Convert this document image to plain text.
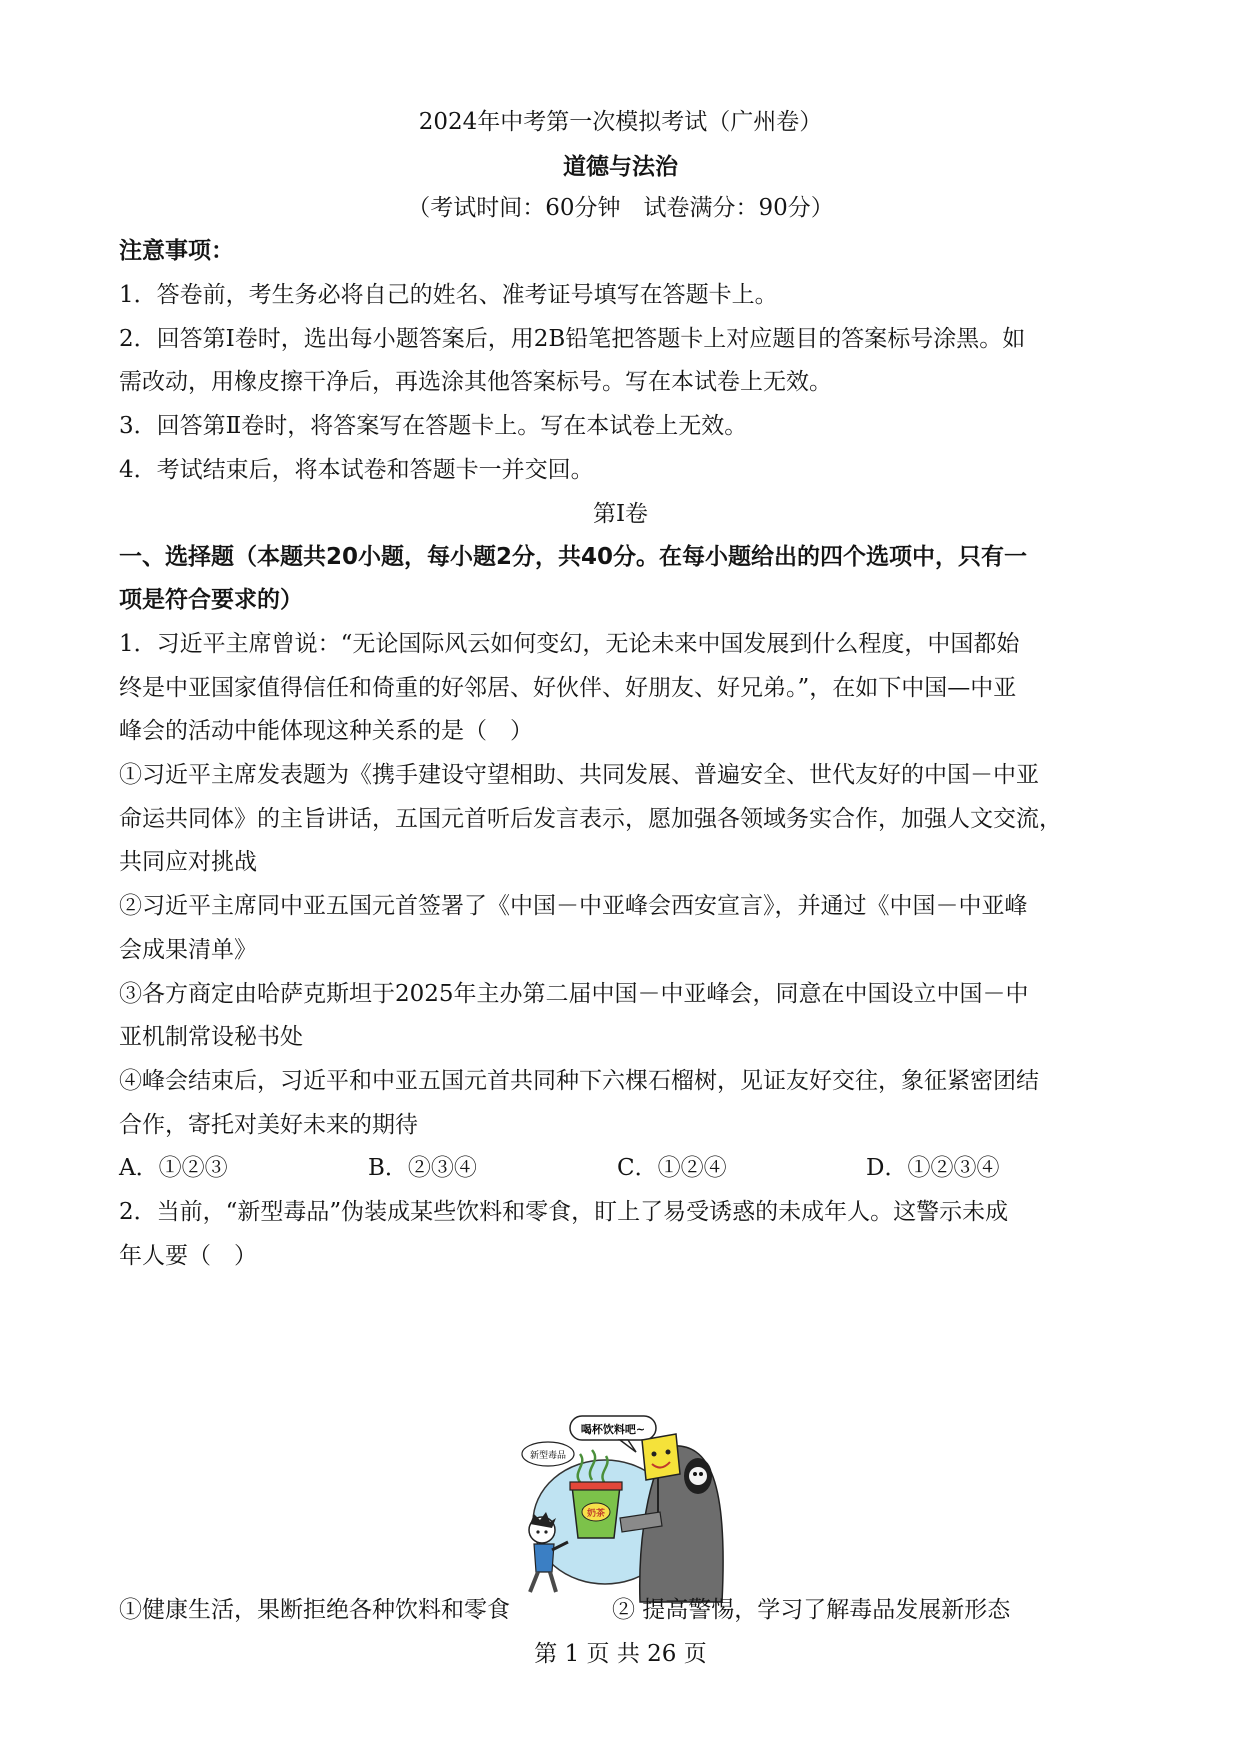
2024年中考第一次模拟考试（广州卷）
道德与法治
（考试时间：60分钟　试卷满分：90分）
注意事项：
1．答卷前，考生务必将自己的姓名、准考证号填写在答题卡上。
2．回答第Ⅰ卷时，选出每小题答案后，用2B铅笔把答题卡上对应题目的答案标号涂黑。如
需改动，用橡皮擦干净后，再选涂其他答案标号。写在本试卷上无效。
3．回答第Ⅱ卷时，将答案写在答题卡上。写在本试卷上无效。
4．考试结束后，将本试卷和答题卡一并交回。
第Ⅰ卷
一、选择题（本题共20小题，每小题2分，共40分。在每小题给出的四个选项中，只有一
项是符合要求的）
1．习近平主席曾说：“无论国际风云如何变幻，无论未来中国发展到什么程度，中国都始
终是中亚国家值得信任和倚重的好邻居、好伙伴、好朋友、好兄弟。”，在如下中国—中亚
峰会的活动中能体现这种关系的是（　）
①习近平主席发表题为《携手建设守望相助、共同发展、普遍安全、世代友好的中国－中亚
命运共同体》的主旨讲话，五国元首听后发言表示，愿加强各领域务实合作，加强人文交流，
共同应对挑战
②习近平主席同中亚五国元首签署了《中国－中亚峰会西安宣言》，并通过《中国－中亚峰
会成果清单》
③各方商定由哈萨克斯坦于2025年主办第二届中国－中亚峰会，同意在中国设立中国－中
亚机制常设秘书处
④峰会结束后，习近平和中亚五国元首共同种下六棵石榴树，见证友好交往，象征紧密团结
合作，寄托对美好未来的期待
A．①②③	B．②③④	C．①②④	D．①②③④
2．当前，“新型毒品”伪装成某些饮料和零食，盯上了易受诱惑的未成年人。这警示未成
年人要（　）
喝杯饮料吧~
新型毒品
奶茶
①健康生活，果断拒绝各种饮料和零食	② 提高警惕，学习了解毒品发展新形态
第 1 页 共 26 页
